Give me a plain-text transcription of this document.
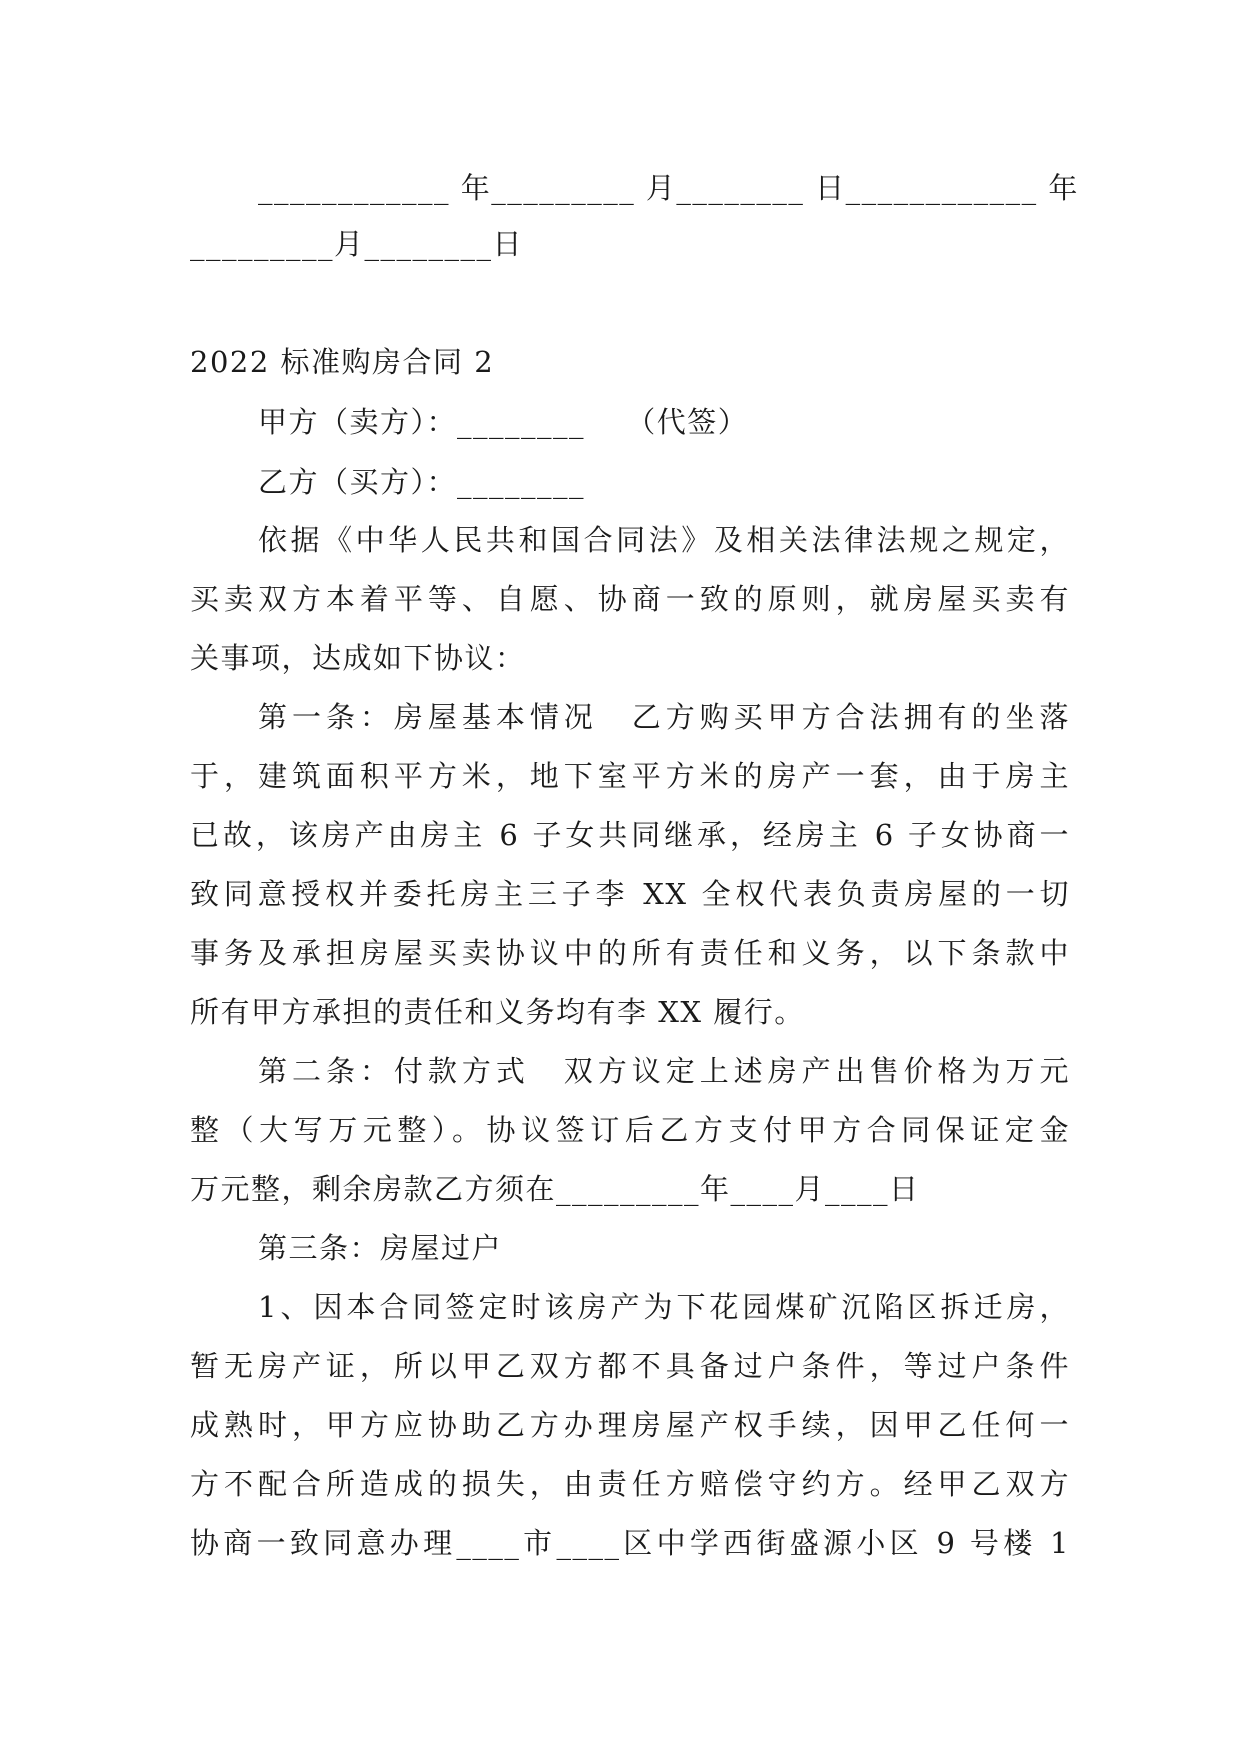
____________ 年_________ 月________ 日____________ 年
_________月________日
2022 标准购房合同 2
甲方（卖方）：________　 （代签）
乙方（买方）：________
依据《中华人民共和国合同法》及相关法律法规之规定，
买卖双方本着平等、自愿、协商一致的原则，就房屋买卖有
关事项，达成如下协议：
第一条：房屋基本情况　乙方购买甲方合法拥有的坐落
于，建筑面积平方米，地下室平方米的房产一套，由于房主
已故，该房产由房主 6 子女共同继承，经房主 6 子女协商一
致同意授权并委托房主三子李 XX 全权代表负责房屋的一切
事务及承担房屋买卖协议中的所有责任和义务，以下条款中
所有甲方承担的责任和义务均有李 XX 履行。
第二条：付款方式　双方议定上述房产出售价格为万元
整（大写万元整）。协议签订后乙方支付甲方合同保证定金
万元整，剩余房款乙方须在_________年____月____日
第三条：房屋过户
1、因本合同签定时该房产为下花园煤矿沉陷区拆迁房，
暂无房产证，所以甲乙双方都不具备过户条件，等过户条件
成熟时，甲方应协助乙方办理房屋产权手续，因甲乙任何一
方不配合所造成的损失，由责任方赔偿守约方。经甲乙双方
协商一致同意办理____市____区中学西街盛源小区 9 号楼 1
